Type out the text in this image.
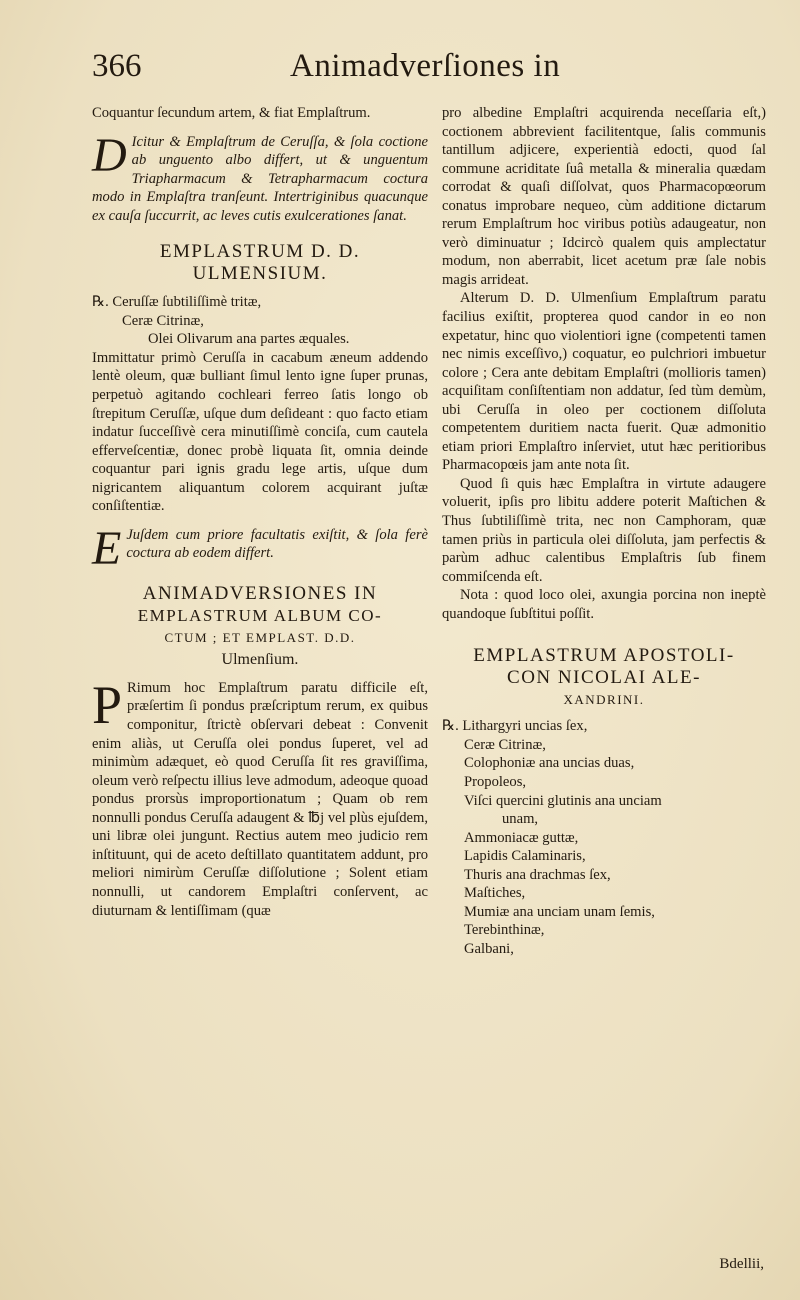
366	Animadverſiones in

Coquantur ſecundum artem, & fiat Emplaſtrum.

D Icitur & Emplaſtrum de Ceruſſa, & ſola coctione ab unguento albo differt, ut & unguentum Triapharmacum & Tetrapharmacum coctura modo in Emplaſtra tranſeunt. Intertriginibus quacunque ex cauſa ſuccurrit, ac leves cutis exulcerationes ſanat.

EMPLASTRUM D. D.
ULMENSIUM.

℞. Ceruſſæ ſubtiliſſimè tritæ,

Ceræ Citrinæ,

Olei Olivarum ana partes æquales.

Immittatur primò Ceruſſa in cacabum æneum addendo lentè oleum, quæ bulliant ſimul lento igne ſuper prunas, perpetuò agitando cochleari ferreo ſatis longo ob ſtrepitum Ceruſſæ, uſque dum deſideant : quo facto etiam indatur ſucceſſivè cera minutiſſimè conciſa, cum cautela efferveſcentiæ, donec probè liquata ſit, omnia deinde coquantur pari ignis gradu lege artis, uſque dum nigricantem aliquantum colorem acquirant juſtæ conſiſtentiæ.

E Juſdem cum priore facultatis exiſtit, & ſola ferè coctura ab eodem differt.

ANIMADVERSIONES IN
EMPLASTRUM ALBUM CO-
CTUM ; ET EMPLAST. D.D.
Ulmenſium.

P Rimum hoc Emplaſtrum paratu difficile eſt, præſertim ſi pondus præſcriptum rerum, ex quibus componitur, ſtrictè obſervari debeat : Convenit enim aliàs, ut Ceruſſa olei pondus ſuperet, vel ad minimùm adæquet, eò quod Ceruſſa ſit res graviſſima, oleum verò reſpectu illius leve admodum, adeoque quoad pondus prorsùs improportionatum ; Quam ob rem nonnulli pondus Ceruſſa adaugent & ℔j vel plùs ejuſdem, uni libræ olei jungunt. Rectius autem meo judicio rem inſtituunt, qui de aceto deſtillato quantitatem addunt, pro meliori nimirùm Ceruſſæ diſſolutione ; Solent etiam nonnulli, ut candorem Emplaſtri conſervent, ac diuturnam & lentiſſimam (quæ

pro albedine Emplaſtri acquirenda neceſſaria eſt,) coctionem abbrevient facilitentque, ſalis communis tantillum adjicere, experientià edocti, quod ſal commune acriditate ſuâ metalla & mineralia quædam corrodat & quaſi diſſolvat, quos Pharmacopœorum conatus improbare nequeo, cùm additione dictarum rerum Emplaſtrum hoc viribus potiùs adaugeatur, non verò diminuatur ; Idcircò qualem quis amplectatur modum, non aberrabit, licet acetum præ ſale nobis magis arrideat.

Alterum D. D. Ulmenſium Emplaſtrum paratu facilius exiſtit, propterea quod candor in eo non expetatur, hinc quo violentiori igne (competenti tamen nec nimis exceſſivo,) coquatur, eo pulchriori imbuetur colore ; Cera ante debitam Emplaſtri (mollioris tamen) acquiſitam conſiſtentiam non addatur, ſed tùm demùm, ubi Ceruſſa in oleo per coctionem diſſoluta competentem duritiem nacta fuerit. Quæ admonitio etiam priori Emplaſtro inſerviet, utut hæc peritioribus Pharmacopœis jam ante nota ſit.

Quod ſi quis hæc Emplaſtra in virtute adaugere voluerit, ipſis pro libitu addere poterit Maſtichen & Thus ſubtiliſſimè trita, nec non Camphoram, quæ tamen priùs in particula olei diſſoluta, jam perfectis & parùm adhuc calentibus Emplaſtris ſub finem commiſcenda eſt.

Nota : quod loco olei, axungia porcina non ineptè quandoque ſubſtitui poſſit.

EMPLASTRUM APOSTOLI-
CON NICOLAI ALE-
XANDRINI.

℞. Lithargyri uncias ſex,

Ceræ Citrinæ,

Colophoniæ ana uncias duas,

Propoleos,

Viſci quercini glutinis ana unciam

unam,

Ammoniacæ guttæ,

Lapidis Calaminaris,

Thuris ana drachmas ſex,

Maſtiches,

Mumiæ ana unciam unam ſemis,

Terebinthinæ,

Galbani,

Bdellii,
